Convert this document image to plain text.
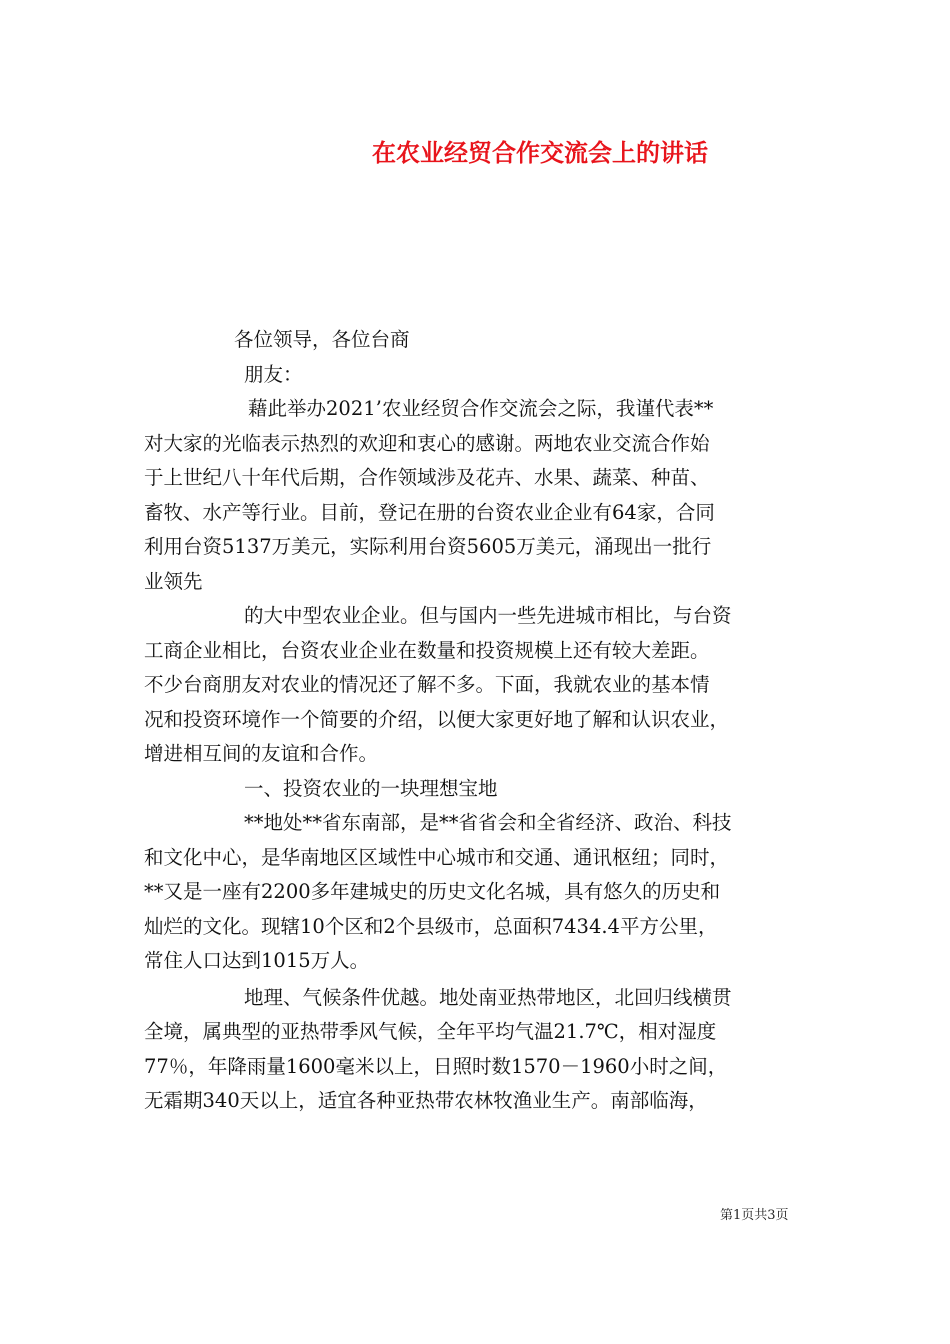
在农业经贸合作交流会上的讲话
各位领导，各位台商
朋友：
藉此举办2021’农业经贸合作交流会之际，我谨代表**
对大家的光临表示热烈的欢迎和衷心的感谢。两地农业交流合作始
于上世纪八十年代后期，合作领域涉及花卉、水果、蔬菜、种苗、
畜牧、水产等行业。目前，登记在册的台资农业企业有64家，合同
利用台资5137万美元，实际利用台资5605万美元，涌现出一批行
业领先
的大中型农业企业。但与国内一些先进城市相比，与台资
工商企业相比，台资农业企业在数量和投资规模上还有较大差距。
不少台商朋友对农业的情况还了解不多。下面，我就农业的基本情
况和投资环境作一个简要的介绍，以便大家更好地了解和认识农业，
增进相互间的友谊和合作。
一、投资农业的一块理想宝地
**地处**省东南部，是**省省会和全省经济、政治、科技
和文化中心，是华南地区区域性中心城市和交通、通讯枢纽；同时，
**又是一座有2200多年建城史的历史文化名城，具有悠久的历史和
灿烂的文化。现辖10个区和2个县级市，总面积7434.4平方公里，
常住人口达到1015万人。
地理、气候条件优越。地处南亚热带地区，北回归线横贯
全境，属典型的亚热带季风气候，全年平均气温21.7℃，相对湿度
77％，年降雨量1600毫米以上，日照时数1570－1960小时之间，
无霜期340天以上，适宜各种亚热带农林牧渔业生产。南部临海，
第1页共3页
